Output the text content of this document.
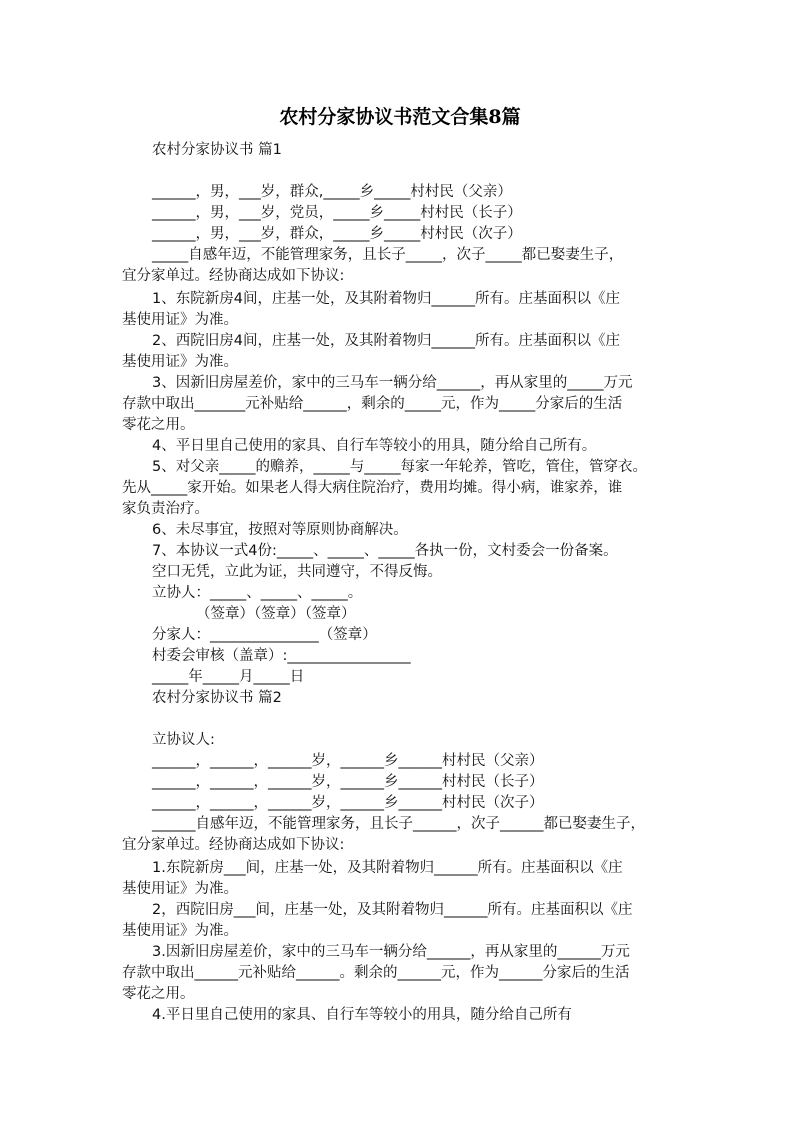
农村分家协议书范文合集8篇
农村分家协议书 篇1
______，男，___岁，群众,_____乡_____村村民（父亲）
______，男，___岁，党员，_____乡_____村村民（长子）
______，男，___岁，群众，_____乡_____村村民（次子）
_____自感年迈，不能管理家务，且长子_____，次子_____都已娶妻生子，
宜分家单过。经协商达成如下协议:
1、东院新房4间，庄基一处，及其附着物归______所有。庄基面积以《庄
基使用证》为准。
2、西院旧房4间，庄基一处，及其附着物归______所有。庄基面积以《庄
基使用证》为准。
3、因新旧房屋差价，家中的三马车一辆分给______，再从家里的_____万元
存款中取出_______元补贴给______，剩余的_____元，作为_____分家后的生活
零花之用。
4、平日里自己使用的家具、自行车等较小的用具，随分给自己所有。
5、对父亲_____的赡养，_____与_____每家一年轮养，管吃，管住，管穿衣。
先从_____家开始。如果老人得大病住院治疗，费用均摊。得小病，谁家养，谁
家负责治疗。
6、未尽事宜，按照对等原则协商解决。
7、本协议一式4份:_____、_____、_____各执一份，文村委会一份备案。
空口无凭，立此为证，共同遵守，不得反悔。
立协人：_____、_____、_____。
（签章）（签章）（签章）
分家人：_______________（签章）
村委会审核（盖章）:_________________
_____年_____月_____日
农村分家协议书 篇2
立协议人:
______，______，______岁，______乡______村村民（父亲）
______，______，______岁，______乡______村村民（长子）
______，______，______岁，______乡______村村民（次子）
______自感年迈，不能管理家务，且长子______，次子______都已娶妻生子，
宜分家单过。经协商达成如下协议:
1.东院新房___间，庄基一处，及其附着物归______所有。庄基面积以《庄
基使用证》为准。
2，西院旧房___间，庄基一处，及其附着物归______所有。庄基面积以《庄
基使用证》为准。
3.因新旧房屋差价，家中的三马车一辆分给______，再从家里的______万元
存款中取出______元补贴给______。剩余的______元，作为______分家后的生活
零花之用。
4.平日里自己使用的家具、自行车等较小的用具，随分给自己所有
